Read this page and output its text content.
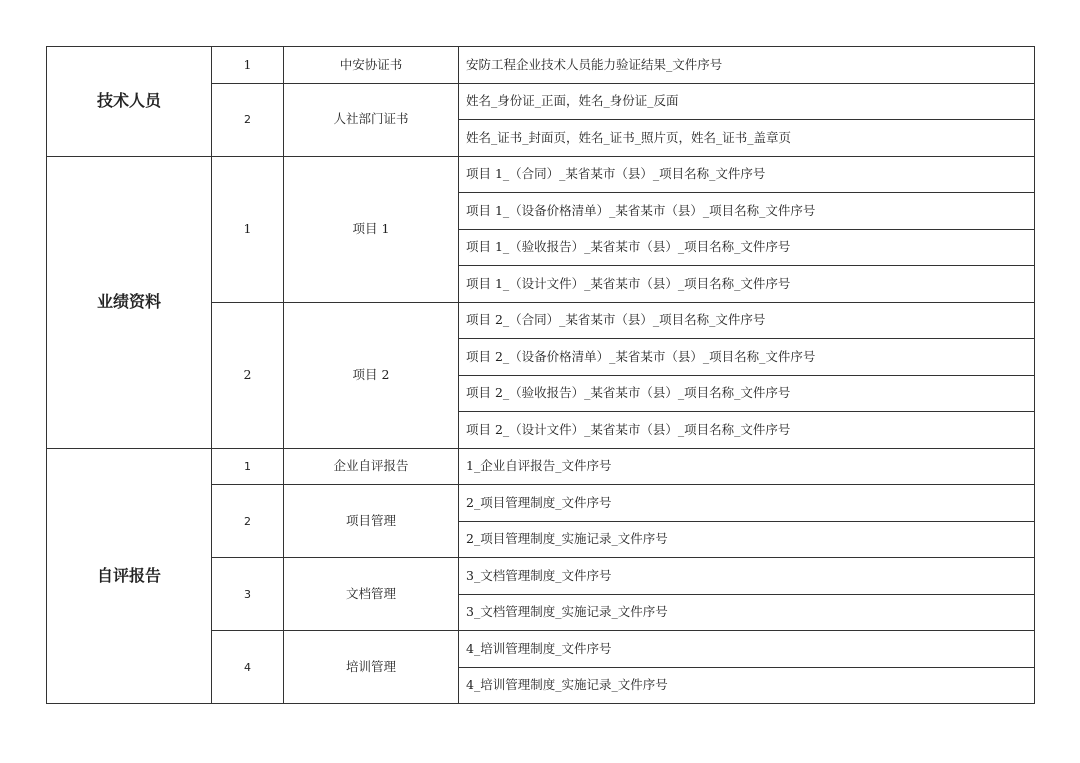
技术人员	1	中安协证书	安防工程企业技术人员能力验证结果_文件序号
	2	人社部门证书	姓名_身份证_正面，姓名_身份证_反面
			姓名_证书_封面页，姓名_证书_照片页，姓名_证书_盖章页
业绩资料	1	项目 1	项目 1_（合同）_某省某市（县）_项目名称_文件序号
			项目 1_（设备价格清单）_某省某市（县）_项目名称_文件序号
			项目 1_（验收报告）_某省某市（县）_项目名称_文件序号
			项目 1_（设计文件）_某省某市（县）_项目名称_文件序号
	2	项目 2	项目 2_（合同）_某省某市（县）_项目名称_文件序号
			项目 2_（设备价格清单）_某省某市（县）_项目名称_文件序号
			项目 2_（验收报告）_某省某市（县）_项目名称_文件序号
			项目 2_（设计文件）_某省某市（县）_项目名称_文件序号
自评报告	1	企业自评报告	1_企业自评报告_文件序号
	2	项目管理	2_项目管理制度_文件序号
			2_项目管理制度_实施记录_文件序号
	3	文档管理	3_文档管理制度_文件序号
			3_文档管理制度_实施记录_文件序号
	4	培训管理	4_培训管理制度_文件序号
			4_培训管理制度_实施记录_文件序号
